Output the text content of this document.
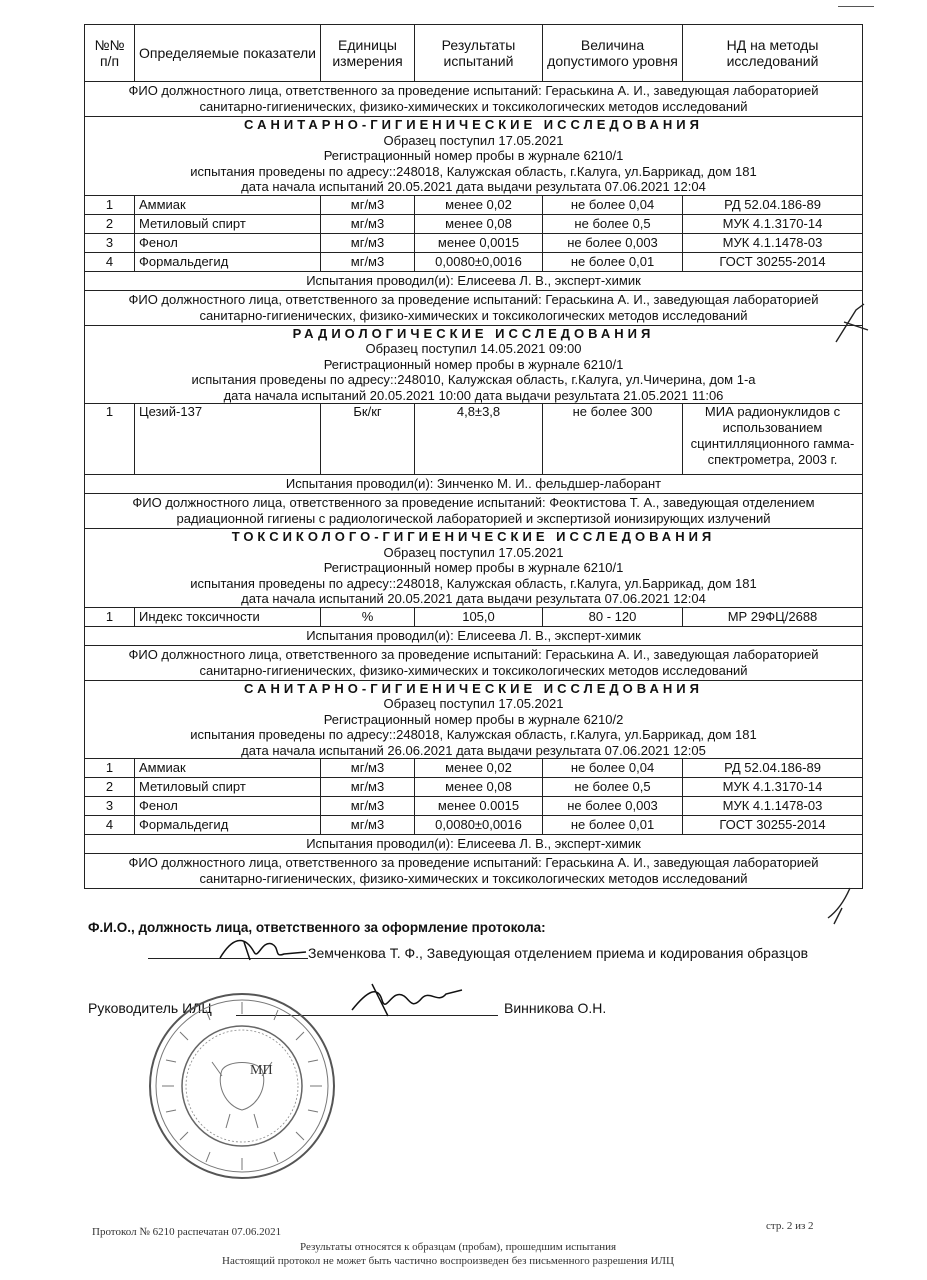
№№ п/п	Определяемые показатели	Единицы измерения	Результаты испытаний	Величина допустимого уровня	НД на методы исследований

ФИО должностного лица, ответственного за проведение испытаний: Гераськина А. И., заведующая лабораторией
санитарно-гигиенических, физико-химических и токсикологических методов исследований					

САНИТАРНО-ГИГИЕНИЧЕСКИЕ ИССЛЕДОВАНИЯ
Образец поступил 17.05.2021
Регистрационный номер пробы в журнале 6210/1
испытания проведены по адресу::248018, Калужская область, г.Калуга, ул.Баррикад, дом 181
дата начала испытаний 20.05.2021 дата выдачи результата 07.06.2021 12:04					

1	Аммиак	мг/м3	менее 0,02	не более 0,04	РД 52.04.186-89
2	Метиловый спирт	мг/м3	менее 0,08	не более 0,5	МУК 4.1.3170-14
3	Фенол	мг/м3	менее 0,0015	не более 0,003	МУК 4.1.1478-03
4	Формальдегид	мг/м3	0,0080±0,0016	не более 0,01	ГОСТ 30255-2014

Испытания проводил(и): Елисеева Л. В., эксперт-химик					

ФИО должностного лица, ответственного за проведение испытаний: Гераськина А. И., заведующая лабораторией
санитарно-гигиенических, физико-химических и токсикологических методов исследований					

РАДИОЛОГИЧЕСКИЕ ИССЛЕДОВАНИЯ
Образец поступил 14.05.2021 09:00
Регистрационный номер пробы в журнале 6210/1
испытания проведены по адресу::248010, Калужская область, г.Калуга, ул.Чичерина, дом 1-а
дата начала испытаний 20.05.2021 10:00 дата выдачи результата 21.05.2021 11:06					

1	Цезий-137	Бк/кг	4,8±3,8	не более 300	МИА радионуклидов с использованием сцинтилляционного гамма-спектрометра, 2003 г.

Испытания проводил(и): Зинченко М. И.. фельдшер-лаборант					

ФИО должностного лица, ответственного за проведение испытаний: Феоктистова Т. А., заведующая отделением
радиационной гигиены с радиологической лабораторией и экспертизой ионизирующих излучений					

ТОКСИКОЛОГО-ГИГИЕНИЧЕСКИЕ ИССЛЕДОВАНИЯ
Образец поступил 17.05.2021
Регистрационный номер пробы в журнале 6210/1
испытания проведены по адресу::248018, Калужская область, г.Калуга, ул.Баррикад, дом 181
дата начала испытаний 20.05.2021 дата выдачи результата 07.06.2021 12:04					

1	Индекс токсичности	%	105,0	80 - 120	МР 29ФЦ/2688

Испытания проводил(и): Елисеева Л. В., эксперт-химик					

ФИО должностного лица, ответственного за проведение испытаний: Гераськина А. И., заведующая лабораторией
санитарно-гигиенических, физико-химических и токсикологических методов исследований					

САНИТАРНО-ГИГИЕНИЧЕСКИЕ ИССЛЕДОВАНИЯ
Образец поступил 17.05.2021
Регистрационный номер пробы в журнале 6210/2
испытания проведены по адресу::248018, Калужская область, г.Калуга, ул.Баррикад, дом 181
дата начала испытаний 26.06.2021 дата выдачи результата 07.06.2021 12:05					

1	Аммиак	мг/м3	менее 0,02	не более 0,04	РД 52.04.186-89
2	Метиловый спирт	мг/м3	менее 0,08	не более 0,5	МУК 4.1.3170-14
3	Фенол	мг/м3	менее 0.0015	не более 0,003	МУК 4.1.1478-03
4	Формальдегид	мг/м3	0,0080±0,0016	не более 0,01	ГОСТ 30255-2014

Испытания проводил(и): Елисеева Л. В., эксперт-химик					

ФИО должностного лица, ответственного за проведение испытаний: Гераськина А. И., заведующая лабораторией
санитарно-гигиенических, физико-химических и токсикологических методов исследований					
Ф.И.О., должность лица, ответственного за оформление протокола:
Земченкова Т. Ф., Заведующая отделением приема и кодирования образцов
Руководитель ИЛЦ	Винникова О.Н.
МП
Протокол № 6210 распечатан 07.06.2021	стр. 2 из 2
Результаты относятся к образцам (пробам), прошедшим испытания
Настоящий протокол не может быть частично воспроизведен без письменного разрешения ИЛЦ
